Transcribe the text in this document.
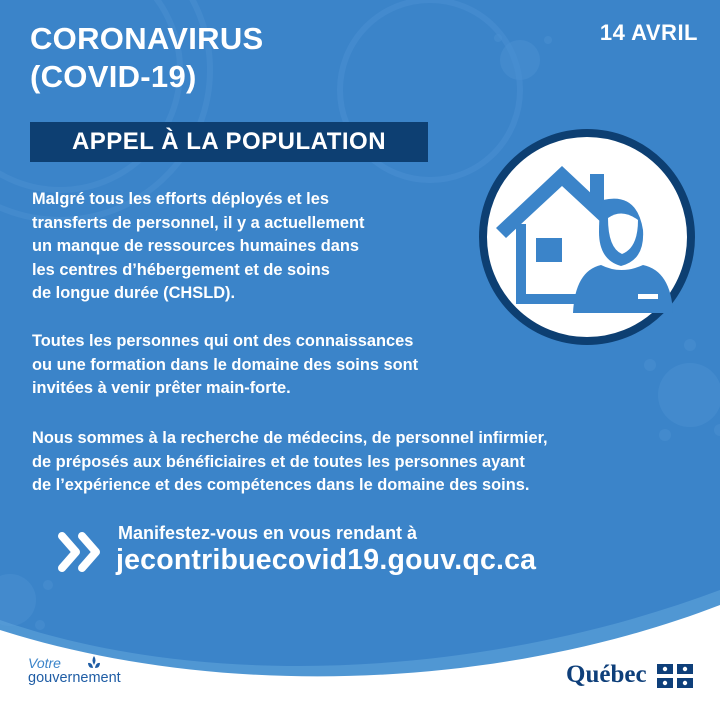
CORONAVIRUS
(COVID-19)
14 AVRIL
APPEL À LA POPULATION

Malgré tous les efforts déployés et les
transferts de personnel, il y a actuellement
un manque de ressources humaines dans
les centres d’hébergement et de soins
de longue durée (CHSLD).

Toutes les personnes qui ont des connaissances
ou une formation dans le domaine des soins sont
invitées à venir prêter main-forte.

Nous sommes à la recherche de médecins, de personnel infirmier,
de préposés aux bénéficiaires et de toutes les personnes ayant
de l’expérience et des compétences dans le domaine des soins.

Manifestez-vous en vous rendant à
jecontribuecovid19.gouv.qc.ca
Votre
gouvernement	Québec
